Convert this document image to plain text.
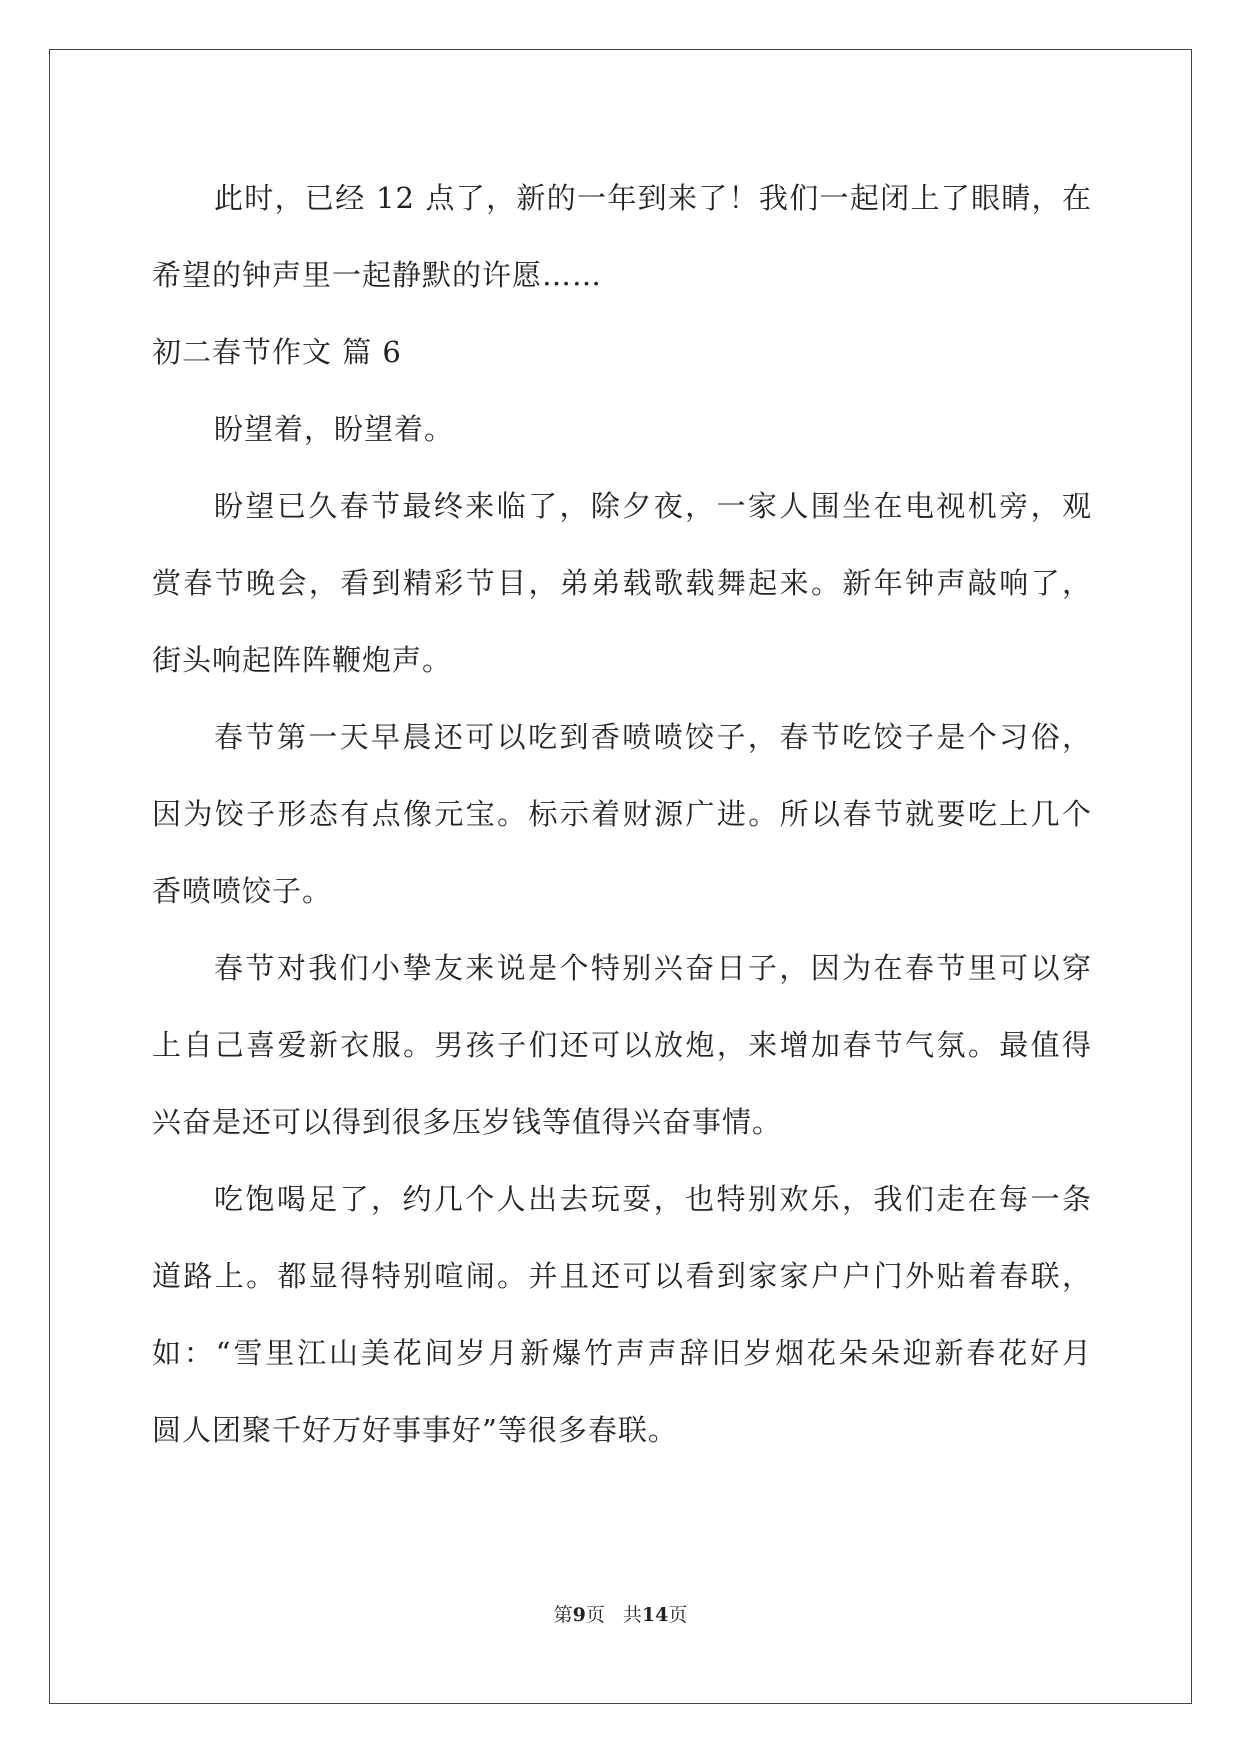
此时，已经 12 点了，新的一年到来了！我们一起闭上了眼睛，在
希望的钟声里一起静默的许愿……
初二春节作文 篇 6
盼望着，盼望着。
盼望已久春节最终来临了，除夕夜，一家人围坐在电视机旁，观
赏春节晚会，看到精彩节目，弟弟载歌载舞起来。新年钟声敲响了，
街头响起阵阵鞭炮声。
春节第一天早晨还可以吃到香喷喷饺子，春节吃饺子是个习俗，
因为饺子形态有点像元宝。标示着财源广进。所以春节就要吃上几个
香喷喷饺子。
春节对我们小挚友来说是个特别兴奋日子，因为在春节里可以穿
上自己喜爱新衣服。男孩子们还可以放炮，来增加春节气氛。最值得
兴奋是还可以得到很多压岁钱等值得兴奋事情。
吃饱喝足了，约几个人出去玩耍，也特别欢乐，我们走在每一条
道路上。都显得特别喧闹。并且还可以看到家家户户门外贴着春联，
如：“雪里江山美花间岁月新爆竹声声辞旧岁烟花朵朵迎新春花好月
圆人团聚千好万好事事好”等很多春联。
第9页 共14页
